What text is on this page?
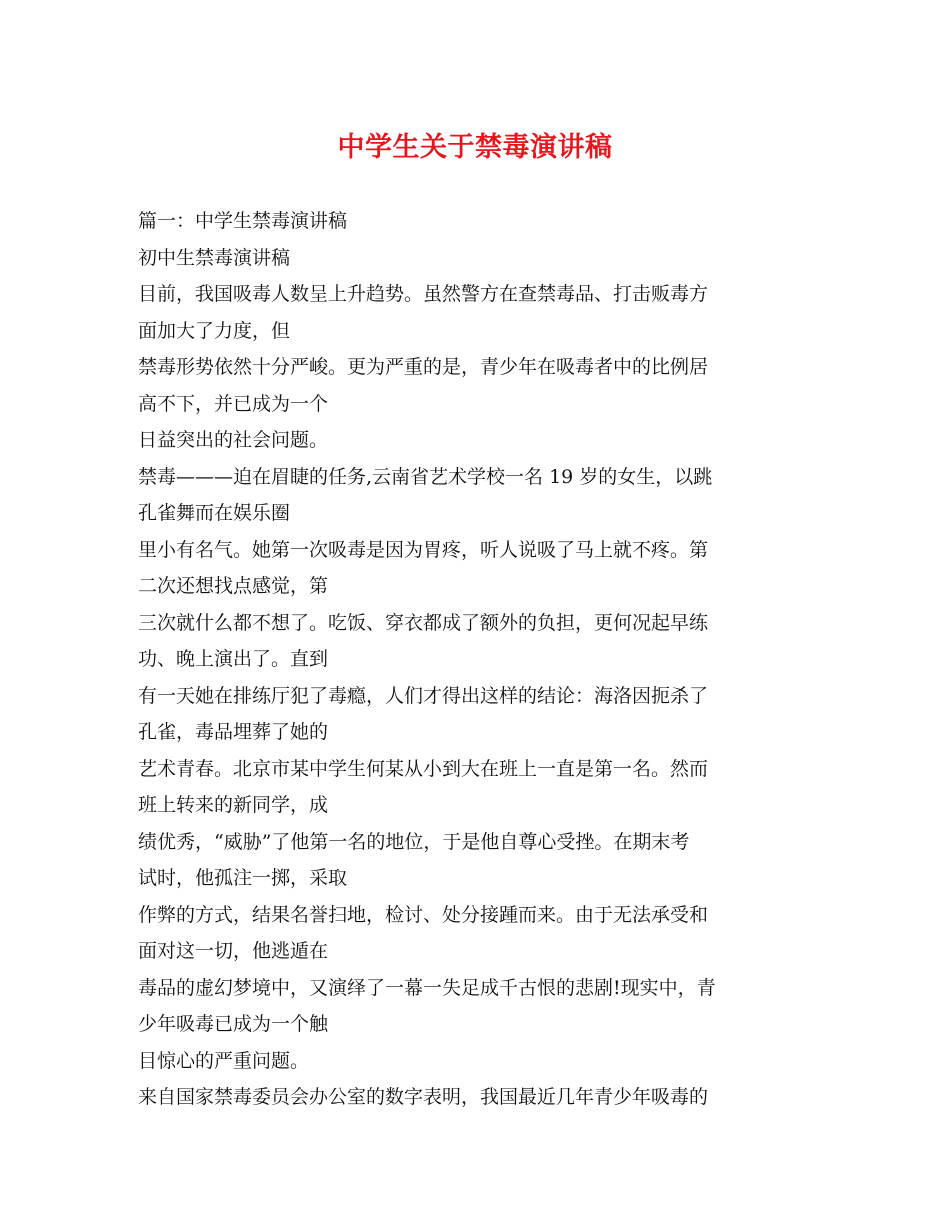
中学生关于禁毒演讲稿
篇一：中学生禁毒演讲稿
初中生禁毒演讲稿
目前，我国吸毒人数呈上升趋势。虽然警方在查禁毒品、打击贩毒方
面加大了力度，但
禁毒形势依然十分严峻。更为严重的是，青少年在吸毒者中的比例居
高不下，并已成为一个
日益突出的社会问题。
禁毒———迫在眉睫的任务,云南省艺术学校一名 19 岁的女生，以跳
孔雀舞而在娱乐圈
里小有名气。她第一次吸毒是因为胃疼，听人说吸了马上就不疼。第
二次还想找点感觉，第
三次就什么都不想了。吃饭、穿衣都成了额外的负担，更何况起早练
功、晚上演出了。直到
有一天她在排练厅犯了毒瘾，人们才得出这样的结论：海洛因扼杀了
孔雀，毒品埋葬了她的
艺术青春。北京市某中学生何某从小到大在班上一直是第一名。然而
班上转来的新同学，成
绩优秀，“威胁”了他第一名的地位，于是他自尊心受挫。在期末考
试时，他孤注一掷，采取
作弊的方式，结果名誉扫地，检讨、处分接踵而来。由于无法承受和
面对这一切，他逃遁在
毒品的虚幻梦境中，又演绎了一幕一失足成千古恨的悲剧!现实中，青
少年吸毒已成为一个触
目惊心的严重问题。
来自国家禁毒委员会办公室的数字表明，我国最近几年青少年吸毒的
